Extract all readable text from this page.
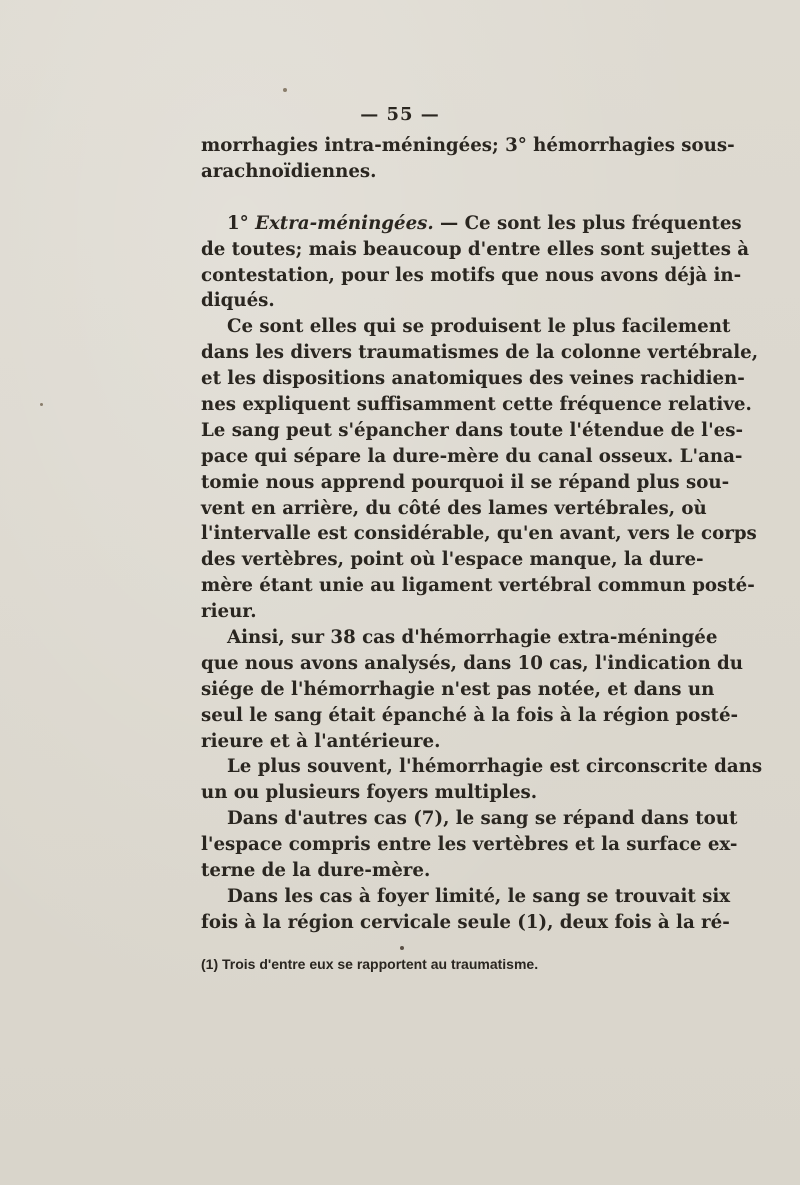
— 55 —
morrhagies intra-méningées; 3° hémorrhagies sous-
arachnoïdiennes.
1° Extra-méningées. — Ce sont les plus fréquentes
de toutes; mais beaucoup d'entre elles sont sujettes à
contestation, pour les motifs que nous avons déjà in-
diqués.
Ce sont elles qui se produisent le plus facilement
dans les divers traumatismes de la colonne vertébrale,
et les dispositions anatomiques des veines rachidien-
nes expliquent suffisamment cette fréquence relative.
Le sang peut s'épancher dans toute l'étendue de l'es-
pace qui sépare la dure-mère du canal osseux. L'ana-
tomie nous apprend pourquoi il se répand plus sou-
vent en arrière, du côté des lames vertébrales, où
l'intervalle est considérable, qu'en avant, vers le corps
des vertèbres, point où l'espace manque, la dure-
mère étant unie au ligament vertébral commun posté-
rieur.
Ainsi, sur 38 cas d'hémorrhagie extra-méningée
que nous avons analysés, dans 10 cas, l'indication du
siége de l'hémorrhagie n'est pas notée, et dans un
seul le sang était épanché à la fois à la région posté-
rieure et à l'antérieure.
Le plus souvent, l'hémorrhagie est circonscrite dans
un ou plusieurs foyers multiples.
Dans d'autres cas (7), le sang se répand dans tout
l'espace compris entre les vertèbres et la surface ex-
terne de la dure-mère.
Dans les cas à foyer limité, le sang se trouvait six
fois à la région cervicale seule (1), deux fois à la ré-
(1) Trois d'entre eux se rapportent au traumatisme.
